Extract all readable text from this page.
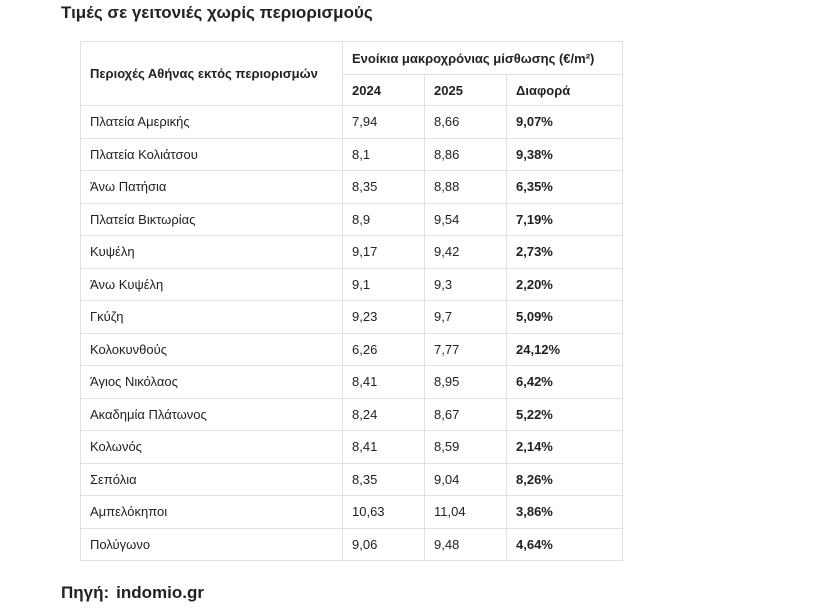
Τιμές σε γειτονιές χωρίς περιορισμούς
Περιοχές Αθήνας εκτός περιορισμών	Ενοίκια μακροχρόνιας μίσθωσης (€/m²)		
	2024	2025	Διαφορά
Πλατεία Αμερικής	7,94	8,66	9,07%
Πλατεία Κολιάτσου	8,1	8,86	9,38%
Άνω Πατήσια	8,35	8,88	6,35%
Πλατεία Βικτωρίας	8,9	9,54	7,19%
Κυψέλη	9,17	9,42	2,73%
Άνω Κυψέλη	9,1	9,3	2,20%
Γκύζη	9,23	9,7	5,09%
Κολοκυνθούς	6,26	7,77	24,12%
Άγιος Νικόλαος	8,41	8,95	6,42%
Ακαδημία Πλάτωνος	8,24	8,67	5,22%
Κολωνός	8,41	8,59	2,14%
Σεπόλια	8,35	9,04	8,26%
Αμπελόκηποι	10,63	11,04	3,86%
Πολύγωνο	9,06	9,48	4,64%
Πηγή: indomio.gr
